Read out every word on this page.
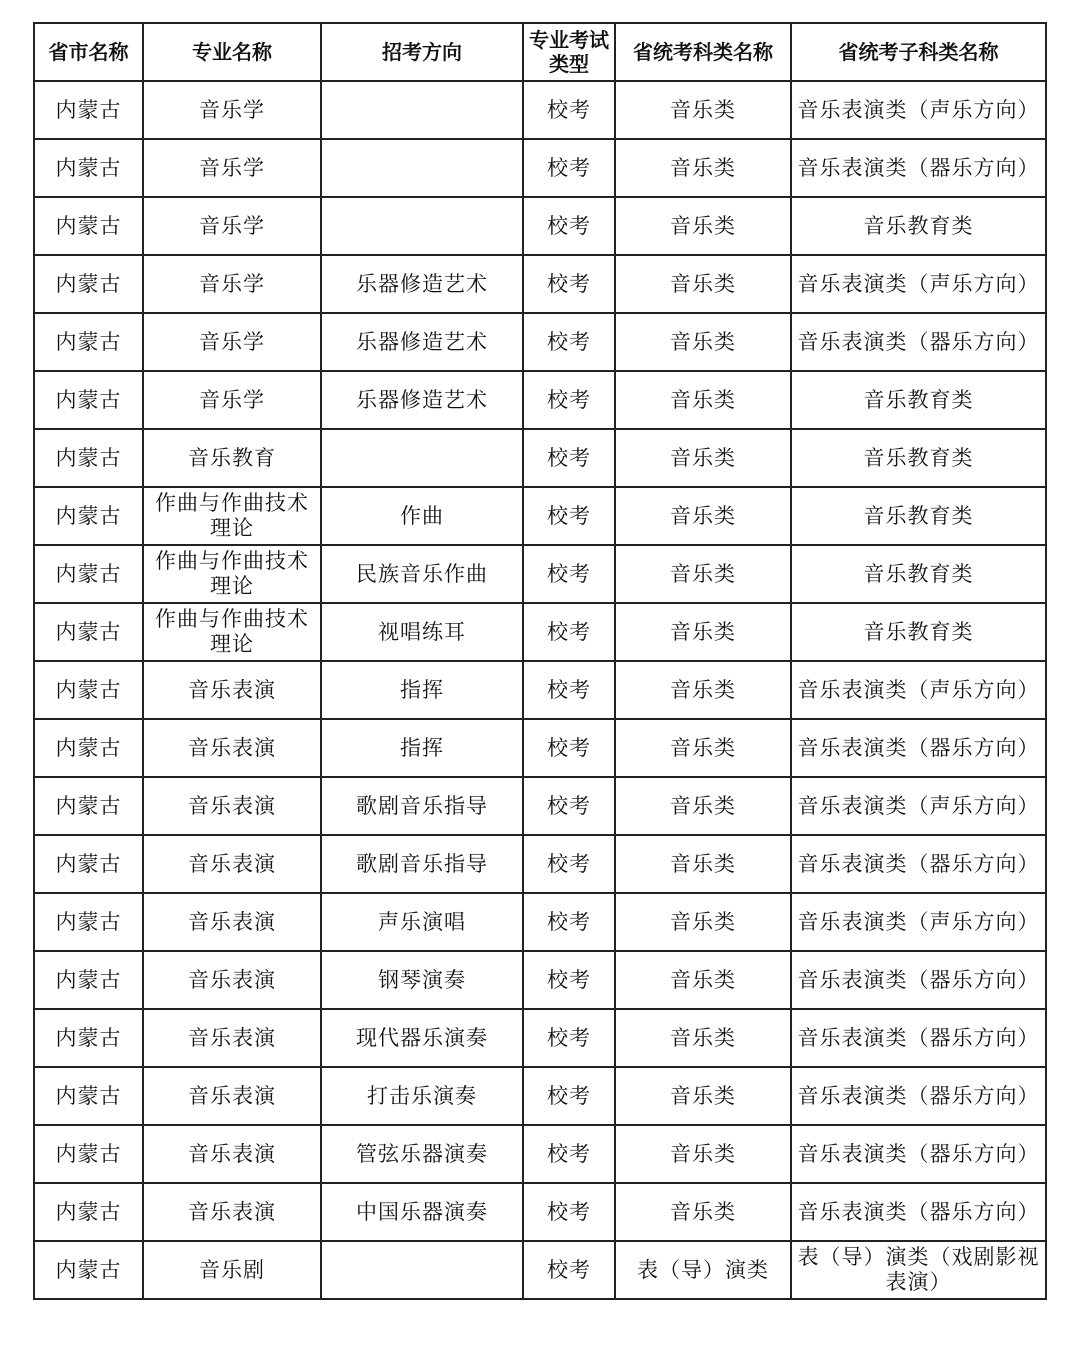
省市名称	专业名称	招考方向	专业考试类型	省统考科类名称	省统考子科类名称
内蒙古	音乐学		校考	音乐类	音乐表演类（声乐方向）
内蒙古	音乐学		校考	音乐类	音乐表演类（器乐方向）
内蒙古	音乐学		校考	音乐类	音乐教育类
内蒙古	音乐学	乐器修造艺术	校考	音乐类	音乐表演类（声乐方向）
内蒙古	音乐学	乐器修造艺术	校考	音乐类	音乐表演类（器乐方向）
内蒙古	音乐学	乐器修造艺术	校考	音乐类	音乐教育类
内蒙古	音乐教育		校考	音乐类	音乐教育类
内蒙古	作曲与作曲技术理论	作曲	校考	音乐类	音乐教育类
内蒙古	作曲与作曲技术理论	民族音乐作曲	校考	音乐类	音乐教育类
内蒙古	作曲与作曲技术理论	视唱练耳	校考	音乐类	音乐教育类
内蒙古	音乐表演	指挥	校考	音乐类	音乐表演类（声乐方向）
内蒙古	音乐表演	指挥	校考	音乐类	音乐表演类（器乐方向）
内蒙古	音乐表演	歌剧音乐指导	校考	音乐类	音乐表演类（声乐方向）
内蒙古	音乐表演	歌剧音乐指导	校考	音乐类	音乐表演类（器乐方向）
内蒙古	音乐表演	声乐演唱	校考	音乐类	音乐表演类（声乐方向）
内蒙古	音乐表演	钢琴演奏	校考	音乐类	音乐表演类（器乐方向）
内蒙古	音乐表演	现代器乐演奏	校考	音乐类	音乐表演类（器乐方向）
内蒙古	音乐表演	打击乐演奏	校考	音乐类	音乐表演类（器乐方向）
内蒙古	音乐表演	管弦乐器演奏	校考	音乐类	音乐表演类（器乐方向）
内蒙古	音乐表演	中国乐器演奏	校考	音乐类	音乐表演类（器乐方向）
内蒙古	音乐剧		校考	表（导）演类	表（导）演类（戏剧影视表演）
